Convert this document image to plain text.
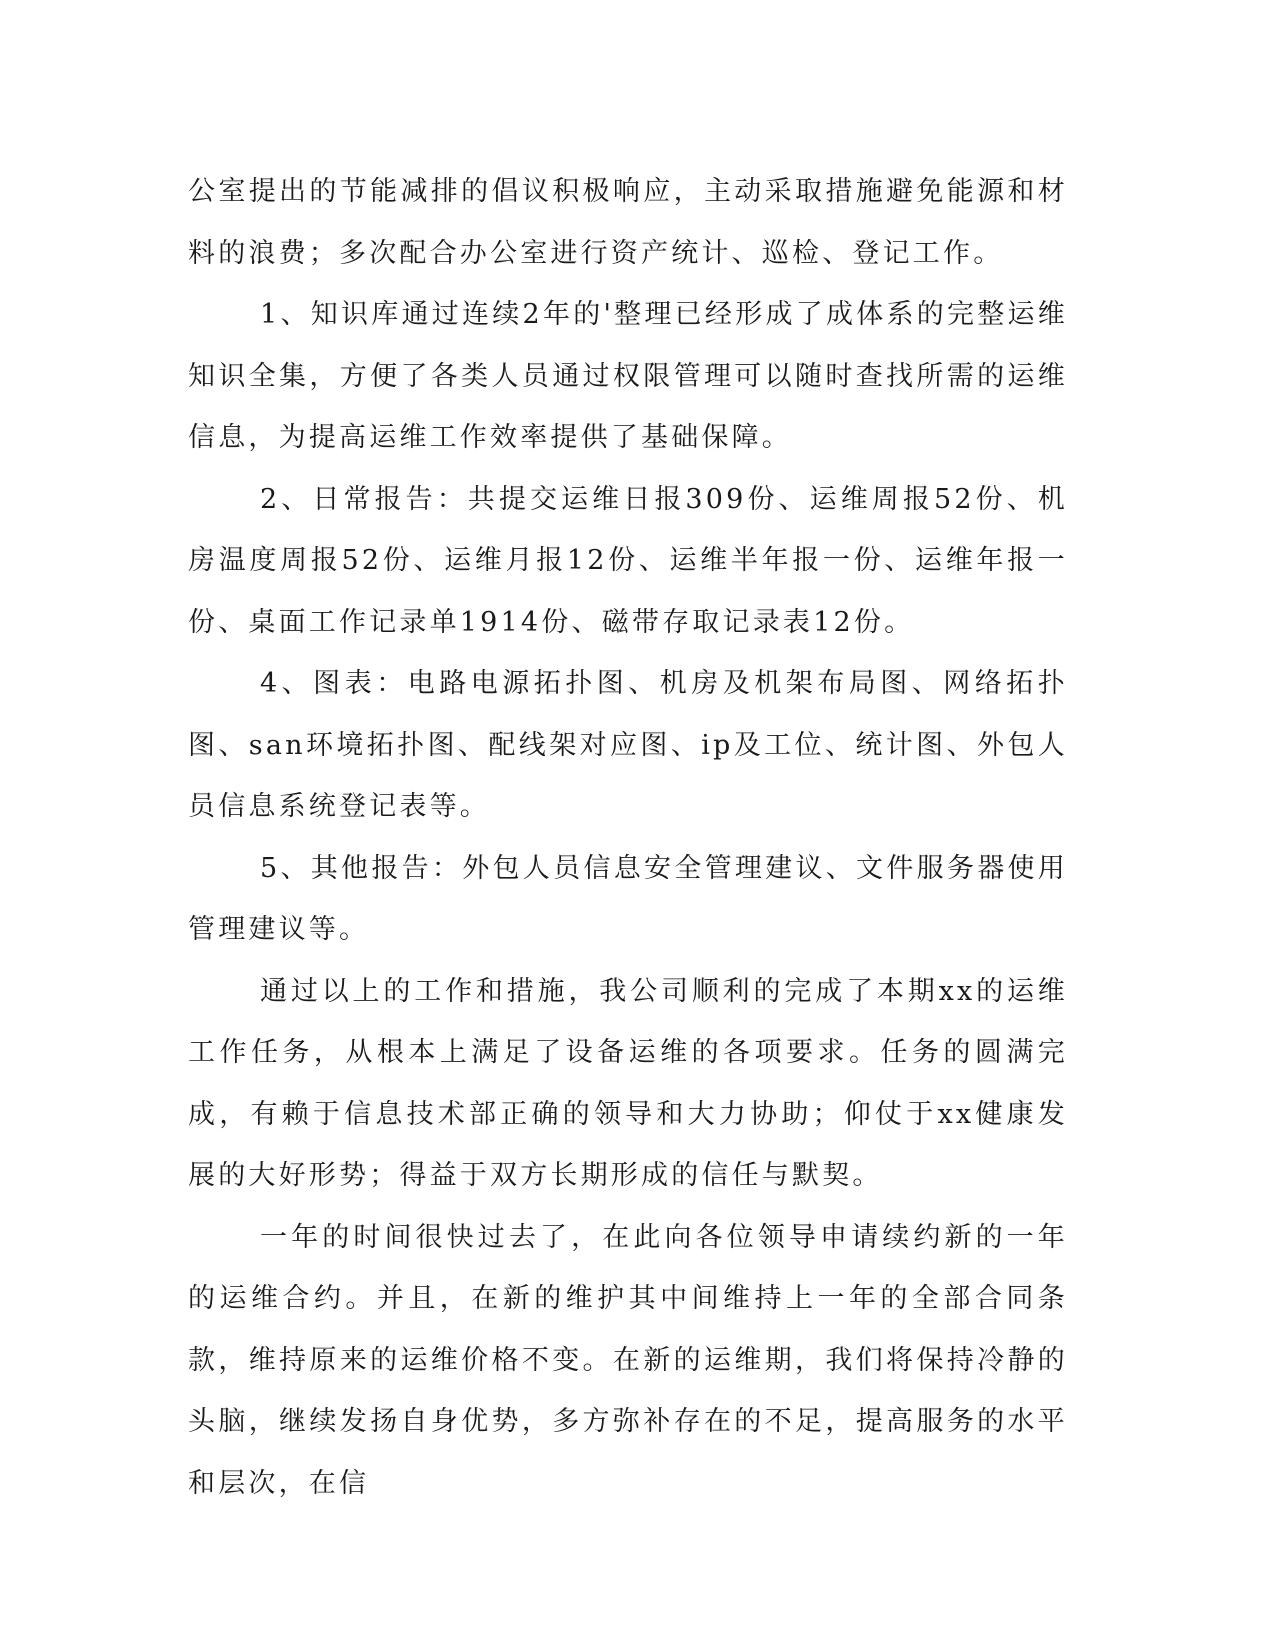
公室提出的节能减排的倡议积极响应，主动采取措施避免能源和材料的浪费；多次配合办公室进行资产统计、巡检、登记工作。

1、知识库通过连续2年的'整理已经形成了成体系的完整运维知识全集，方便了各类人员通过权限管理可以随时查找所需的运维信息，为提高运维工作效率提供了基础保障。

2、日常报告：共提交运维日报309份、运维周报52份、机房温度周报52份、运维月报12份、运维半年报一份、运维年报一份、桌面工作记录单1914份、磁带存取记录表12份。

4、图表：电路电源拓扑图、机房及机架布局图、网络拓扑图、san环境拓扑图、配线架对应图、ip及工位、统计图、外包人员信息系统登记表等。

5、其他报告：外包人员信息安全管理建议、文件服务器使用管理建议等。

通过以上的工作和措施，我公司顺利的完成了本期xx的运维工作任务，从根本上满足了设备运维的各项要求。任务的圆满完成，有赖于信息技术部正确的领导和大力协助；仰仗于xx健康发展的大好形势；得益于双方长期形成的信任与默契。

一年的时间很快过去了，在此向各位领导申请续约新的一年的运维合约。并且，在新的维护其中间维持上一年的全部合同条款，维持原来的运维价格不变。在新的运维期，我们将保持冷静的头脑，继续发扬自身优势，多方弥补存在的不足，提高服务的水平和层次，在信
